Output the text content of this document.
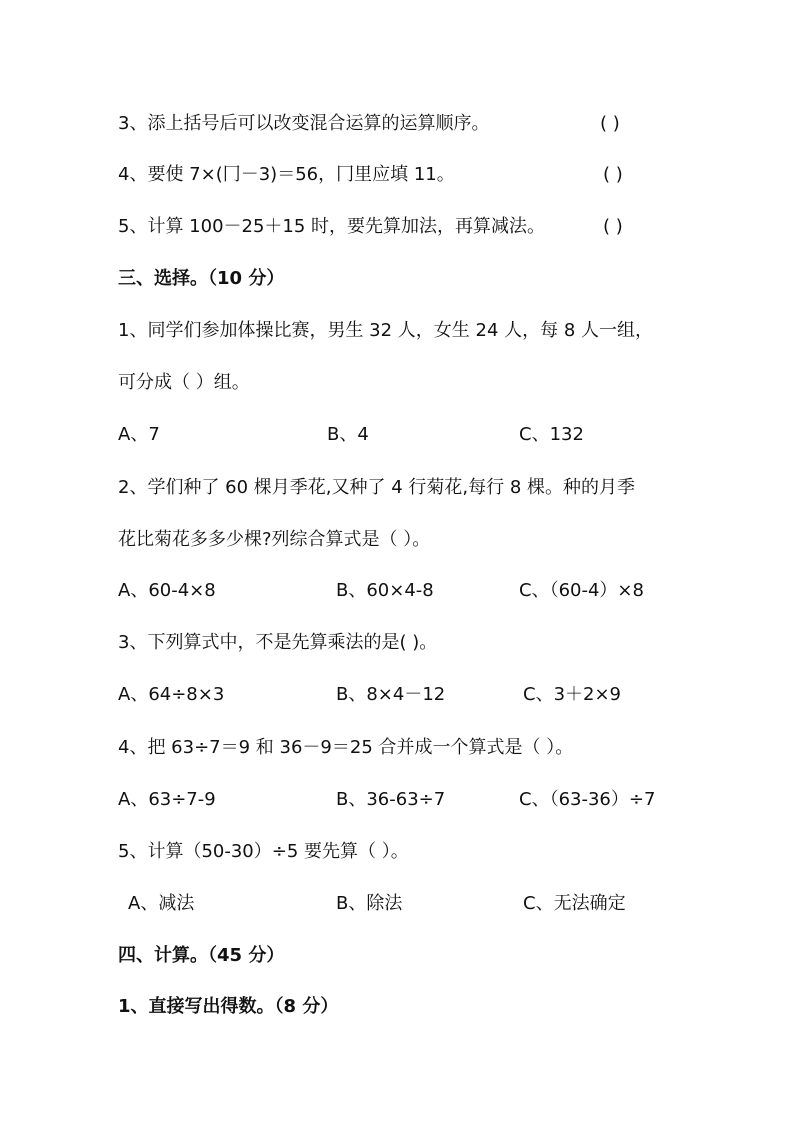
3、添上括号后可以改变混合运算的运算顺序。	( )
4、要使 7×(冂－3)＝56，冂里应填 11。	( )
5、计算 100－25＋15 时，要先算加法，再算减法。	( )
三、选择。（10 分）
1、同学们参加体操比赛，男生 32 人，女生 24 人，每 8 人一组，
可分成（ ）组。
A、7	B、4	C、132
2、学们种了 60 棵月季花,又种了 4 行菊花,每行 8 棵。种的月季
花比菊花多多少棵?列综合算式是（ ）。
A、60-4×8	B、60×4-8	C、（60-4）×8
3、下列算式中，不是先算乘法的是( )。
A、64÷8×3	B、8×4－12	C、3＋2×9
4、把 63÷7＝9 和 36－9＝25 合并成一个算式是（ ）。
A、63÷7-9	B、36-63÷7	C、（63-36）÷7
5、计算（50-30）÷5 要先算（ ）。
A、减法	B、除法	C、无法确定
四、计算。（45 分）
1、直接写出得数。（8 分）
